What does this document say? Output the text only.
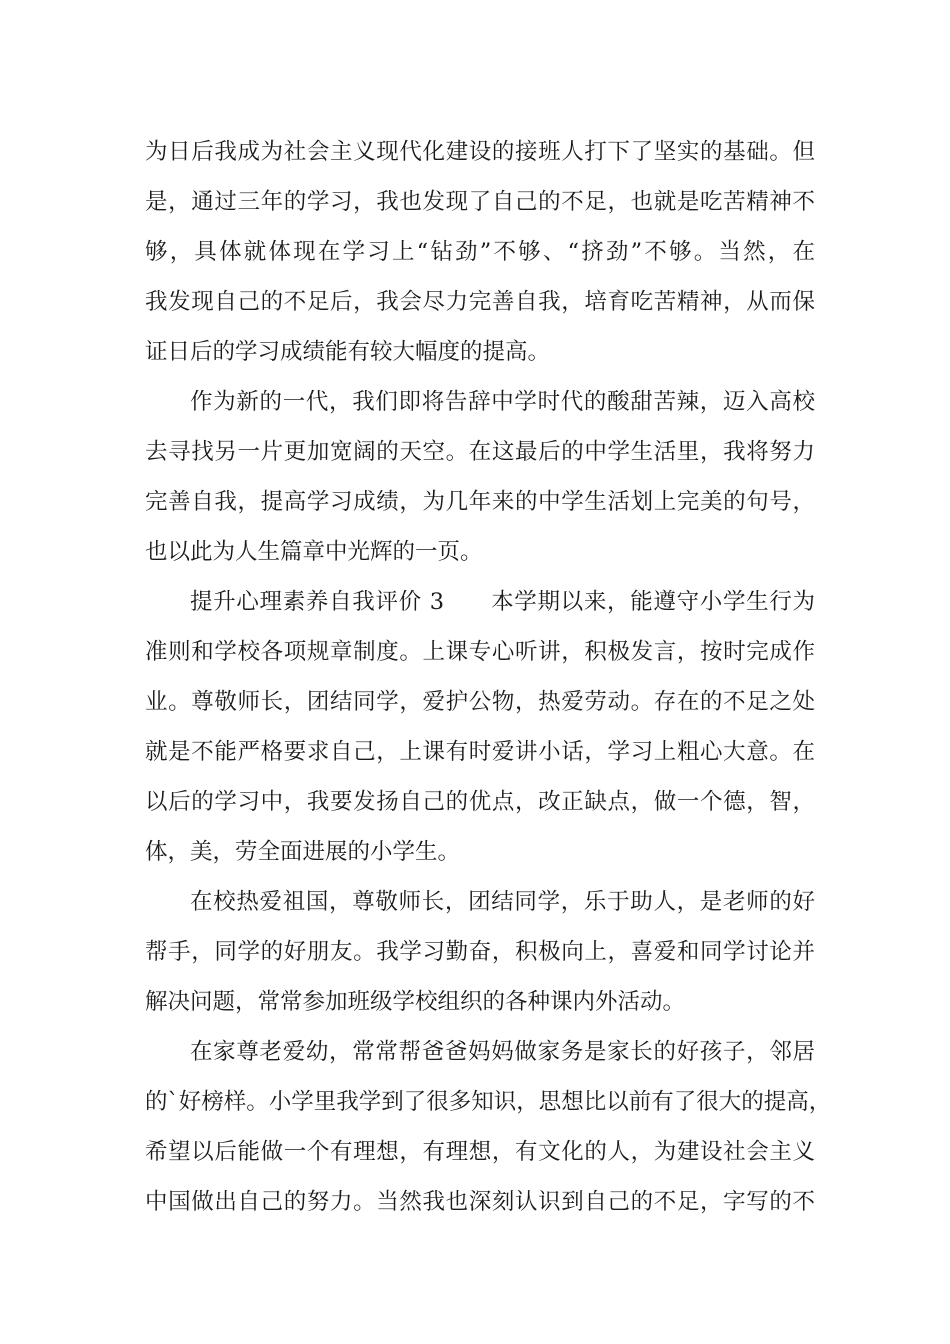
为日后我成为社会主义现代化建设的接班人打下了坚实的基础。但
是，通过三年的学习，我也发现了自己的不足，也就是吃苦精神不
够，具体就体现在学习上“钻劲”不够、“挤劲”不够。当然，在
我发现自己的不足后，我会尽力完善自我，培育吃苦精神，从而保
证日后的学习成绩能有较大幅度的提高。
作为新的一代，我们即将告辞中学时代的酸甜苦辣，迈入高校
去寻找另一片更加宽阔的天空。在这最后的中学生活里，我将努力
完善自我，提高学习成绩，为几年来的中学生活划上完美的句号，
也以此为人生篇章中光辉的一页。
提升心理素养自我评价 3　　本学期以来，能遵守小学生行为
准则和学校各项规章制度。上课专心听讲，积极发言，按时完成作
业。尊敬师长，团结同学，爱护公物，热爱劳动。存在的不足之处
就是不能严格要求自己，上课有时爱讲小话，学习上粗心大意。在
以后的学习中，我要发扬自己的优点，改正缺点，做一个德，智，
体，美，劳全面进展的小学生。
在校热爱祖国，尊敬师长，团结同学，乐于助人，是老师的好
帮手，同学的好朋友。我学习勤奋，积极向上，喜爱和同学讨论并
解决问题，常常参加班级学校组织的各种课内外活动。
在家尊老爱幼，常常帮爸爸妈妈做家务是家长的好孩子，邻居
的`好榜样。小学里我学到了很多知识，思想比以前有了很大的提高，
希望以后能做一个有理想，有理想，有文化的人，为建设社会主义
中国做出自己的努力。当然我也深刻认识到自己的不足，字写的不
